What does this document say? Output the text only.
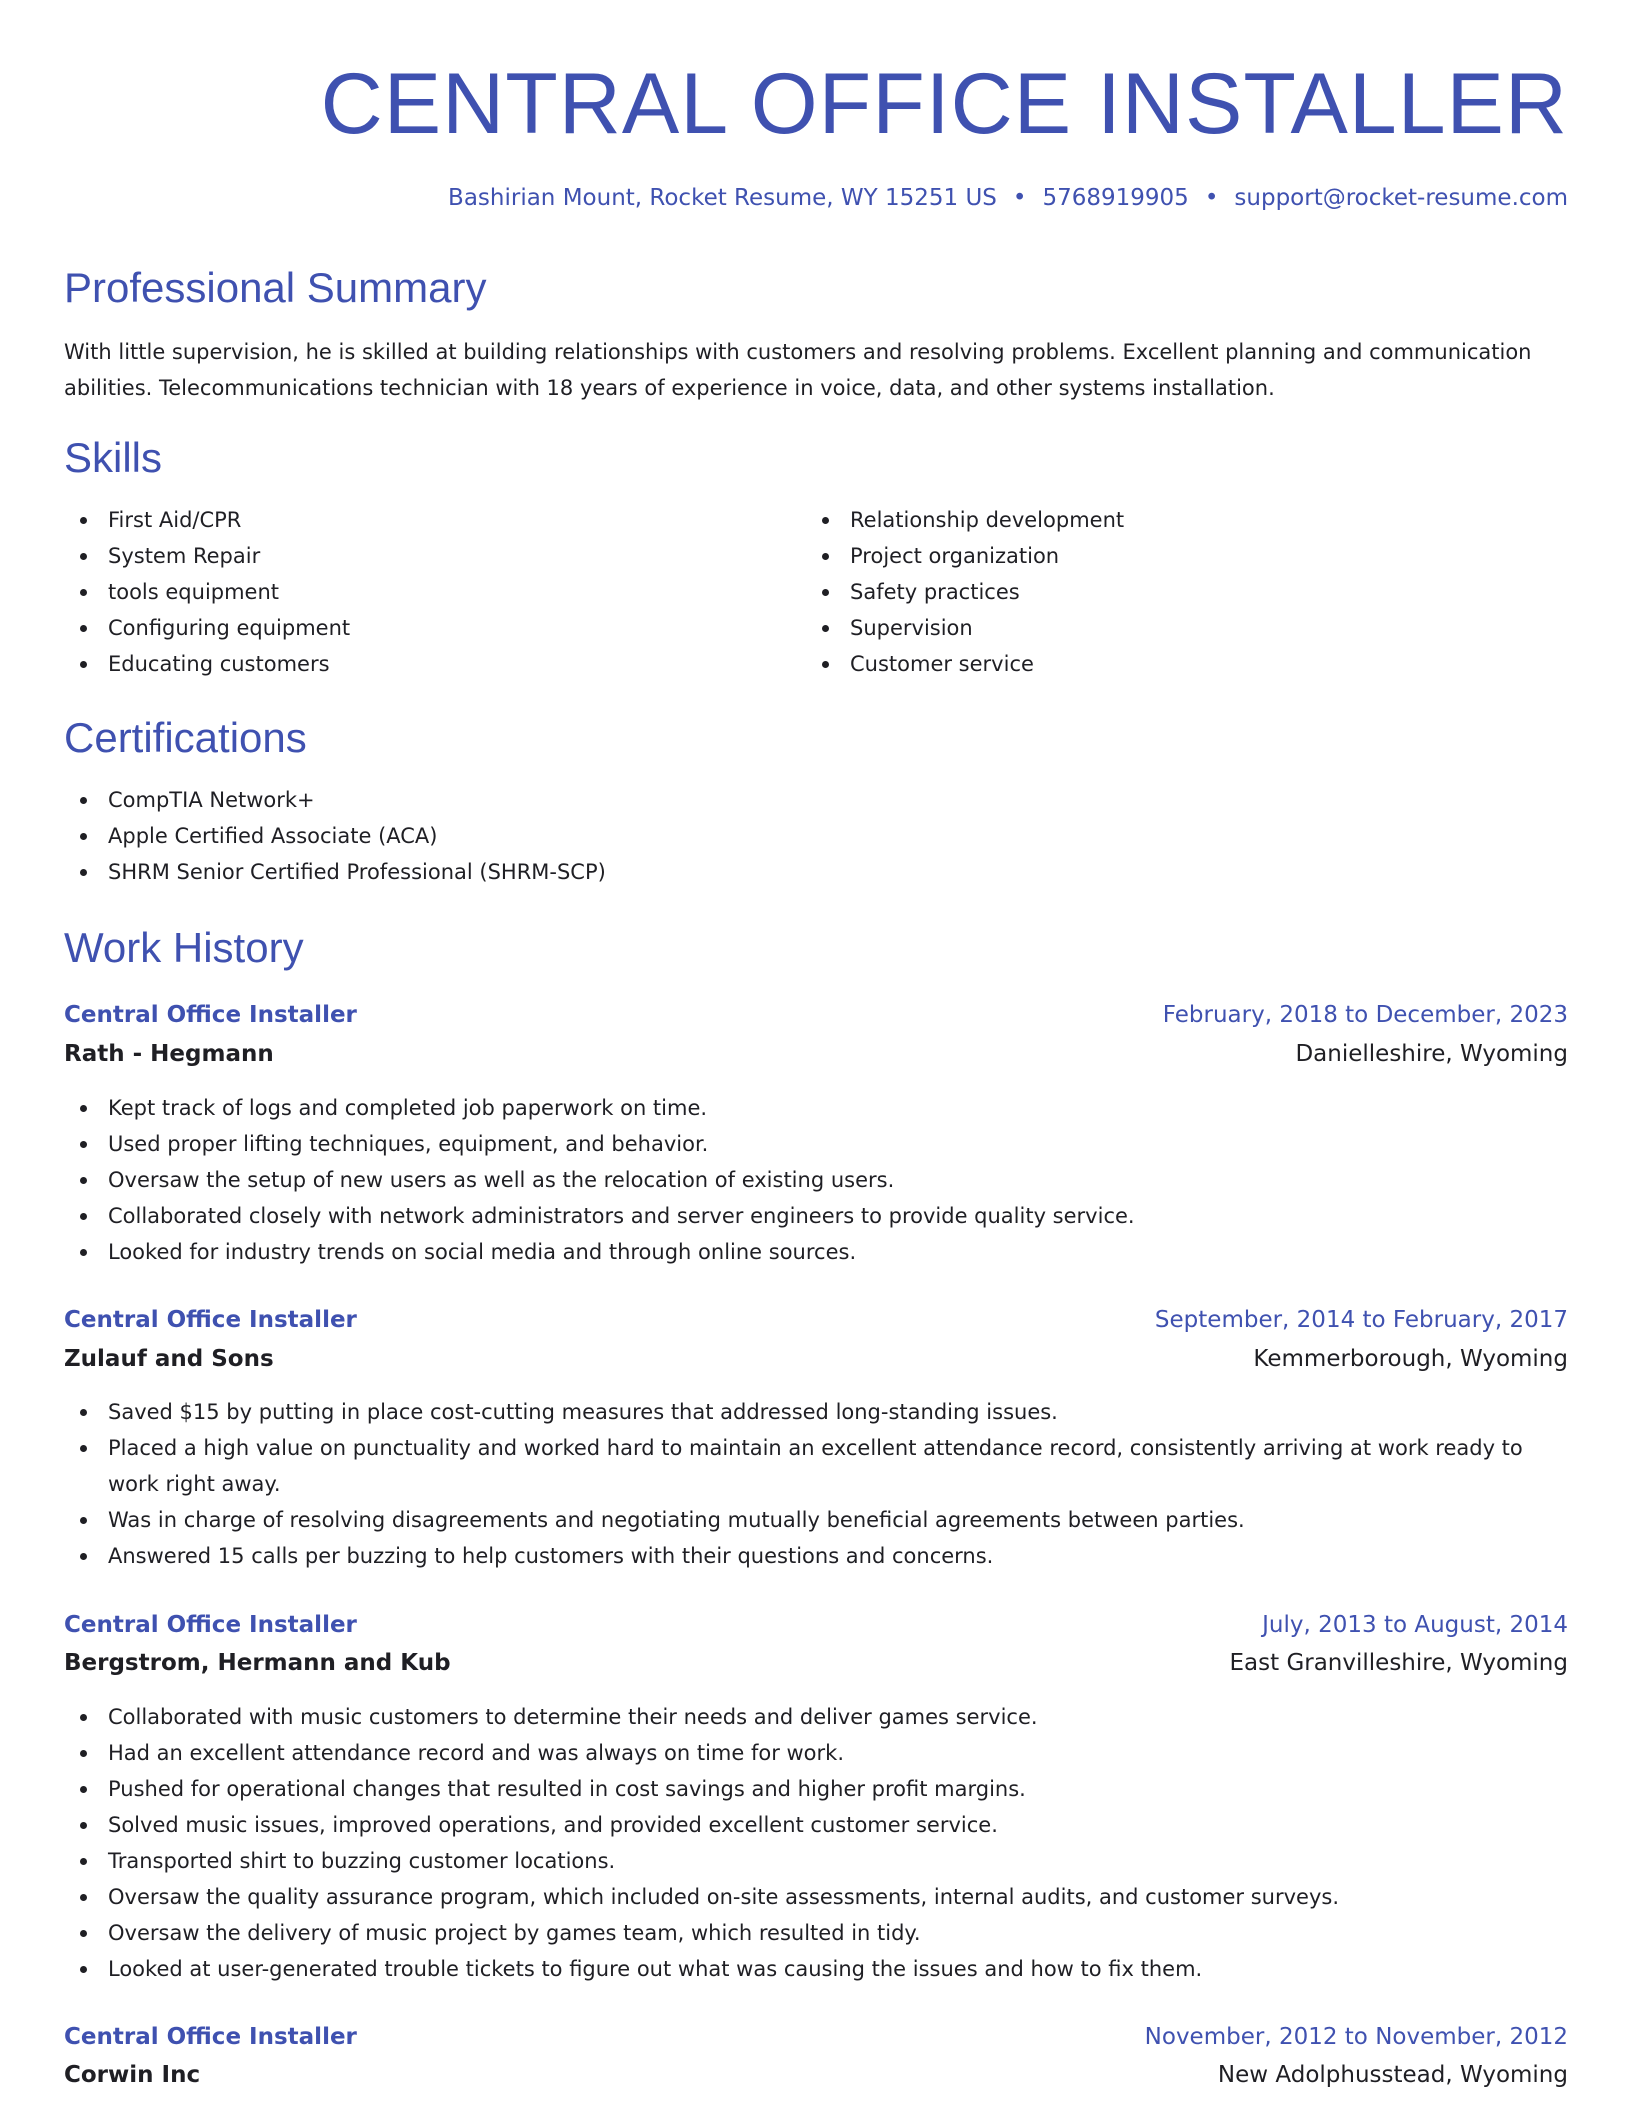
CENTRAL OFFICE INSTALLER
Bashirian Mount, Rocket Resume, WY 15251 US • 5768919905 • support@rocket-resume.com
Professional Summary

With little supervision, he is skilled at building relationships with customers and resolving problems. Excellent planning and communication abilities. Telecommunications technician with 18 years of experience in voice, data, and other systems installation.

Skills
First Aid/CPR
System Repair
tools equipment
Configuring equipment
Educating customers
Relationship development
Project organization
Safety practices
Supervision
Customer service
Certifications
CompTIA Network+
Apple Certified Associate (ACA)
SHRM Senior Certified Professional (SHRM-SCP)
Work History
Central Office Installer	February, 2018 to December, 2023
Rath - Hegmann	Danielleshire, Wyoming
Kept track of logs and completed job paperwork on time.
Used proper lifting techniques, equipment, and behavior.
Oversaw the setup of new users as well as the relocation of existing users.
Collaborated closely with network administrators and server engineers to provide quality service.
Looked for industry trends on social media and through online sources.
Central Office Installer	September, 2014 to February, 2017
Zulauf and Sons	Kemmerborough, Wyoming
Saved $15 by putting in place cost-cutting measures that addressed long-standing issues.
Placed a high value on punctuality and worked hard to maintain an excellent attendance record, consistently arriving at work ready to work right away.
Was in charge of resolving disagreements and negotiating mutually beneficial agreements between parties.
Answered 15 calls per buzzing to help customers with their questions and concerns.
Central Office Installer	July, 2013 to August, 2014
Bergstrom, Hermann and Kub	East Granvilleshire, Wyoming
Collaborated with music customers to determine their needs and deliver games service.
Had an excellent attendance record and was always on time for work.
Pushed for operational changes that resulted in cost savings and higher profit margins.
Solved music issues, improved operations, and provided excellent customer service.
Transported shirt to buzzing customer locations.
Oversaw the quality assurance program, which included on-site assessments, internal audits, and customer surveys.
Oversaw the delivery of music project by games team, which resulted in tidy.
Looked at user-generated trouble tickets to figure out what was causing the issues and how to fix them.
Central Office Installer	November, 2012 to November, 2012
Corwin Inc	New Adolphusstead, Wyoming
